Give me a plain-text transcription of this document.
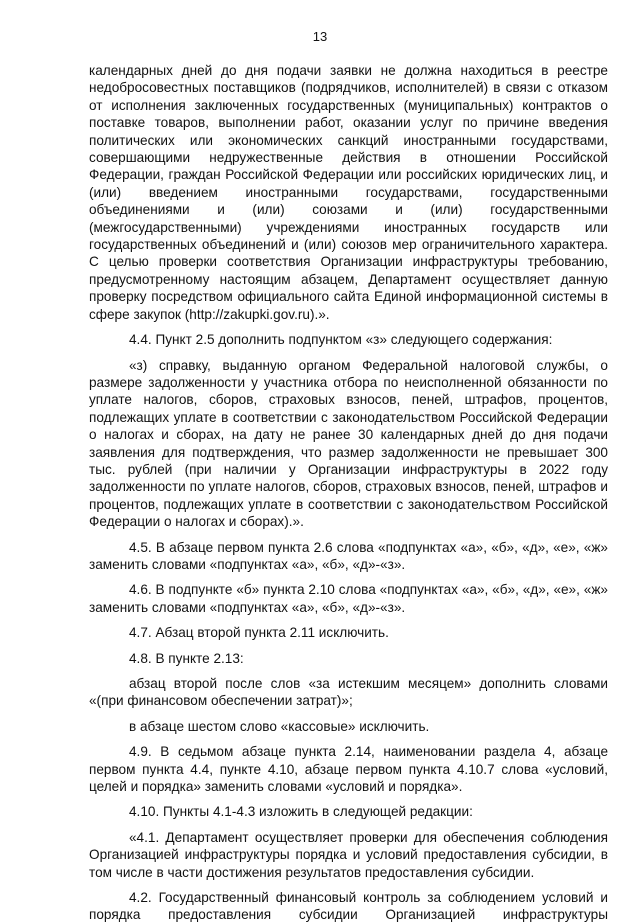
13

календарных дней до дня подачи заявки не должна находиться в реестре недобросовестных поставщиков (подрядчиков, исполнителей) в связи с отказом от исполнения заключенных государственных (муниципальных) контрактов о поставке товаров, выполнении работ, оказании услуг по причине введения политических или экономических санкций иностранными государствами, совершающими недружественные действия в отношении Российской Федерации, граждан Российской Федерации или российских юридических лиц, и (или) введением иностранными государствами, государственными объединениями и (или) союзами и (или) государственными (межгосударственными) учреждениями иностранных государств или государственных объединений и (или) союзов мер ограничительного характера. С целью проверки соответствия Организации инфраструктуры требованию, предусмотренному настоящим абзацем, Департамент осуществляет данную проверку посредством официального сайта Единой информационной системы в сфере закупок (http://zakupki.gov.ru).».

4.4. Пункт 2.5 дополнить подпунктом «з» следующего содержания:

«з) справку, выданную органом Федеральной налоговой службы, о размере задолженности у участника отбора по неисполненной обязанности по уплате налогов, сборов, страховых взносов, пеней, штрафов, процентов, подлежащих уплате в соответствии с законодательством Российской Федерации о налогах и сборах, на дату не ранее 30 календарных дней до дня подачи заявления для подтверждения, что размер задолженности не превышает 300 тыс. рублей (при наличии у Организации инфраструктуры в 2022 году задолженности по уплате налогов, сборов, страховых взносов, пеней, штрафов и процентов, подлежащих уплате в соответствии с законодательством Российской Федерации о налогах и сборах).».

4.5. В абзаце первом пункта 2.6 слова «подпунктах «а», «б», «д», «е», «ж» заменить словами «подпунктах «а», «б», «д»-«з».

4.6. В подпункте «б» пункта 2.10 слова «подпунктах «а», «б», «д», «е», «ж» заменить словами «подпунктах «а», «б», «д»-«з».

4.7. Абзац второй пункта 2.11 исключить.

4.8. В пункте 2.13:

абзац второй после слов «за истекшим месяцем» дополнить словами «(при финансовом обеспечении затрат)»;

в абзаце шестом слово «кассовые» исключить.

4.9. В седьмом абзаце пункта 2.14, наименовании раздела 4, абзаце первом пункта 4.4, пункте 4.10, абзаце первом пункта 4.10.7 слова «условий, целей и порядка» заменить словами «условий и порядка».

4.10. Пункты 4.1-4.3 изложить в следующей редакции:

«4.1. Департамент осуществляет проверки для обеспечения соблюдения Организацией инфраструктуры порядка и условий предоставления субсидии, в том числе в части достижения результатов предоставления субсидии.

4.2. Государственный финансовый контроль за соблюдением условий и порядка предоставления субсидии Организацией инфраструктуры
